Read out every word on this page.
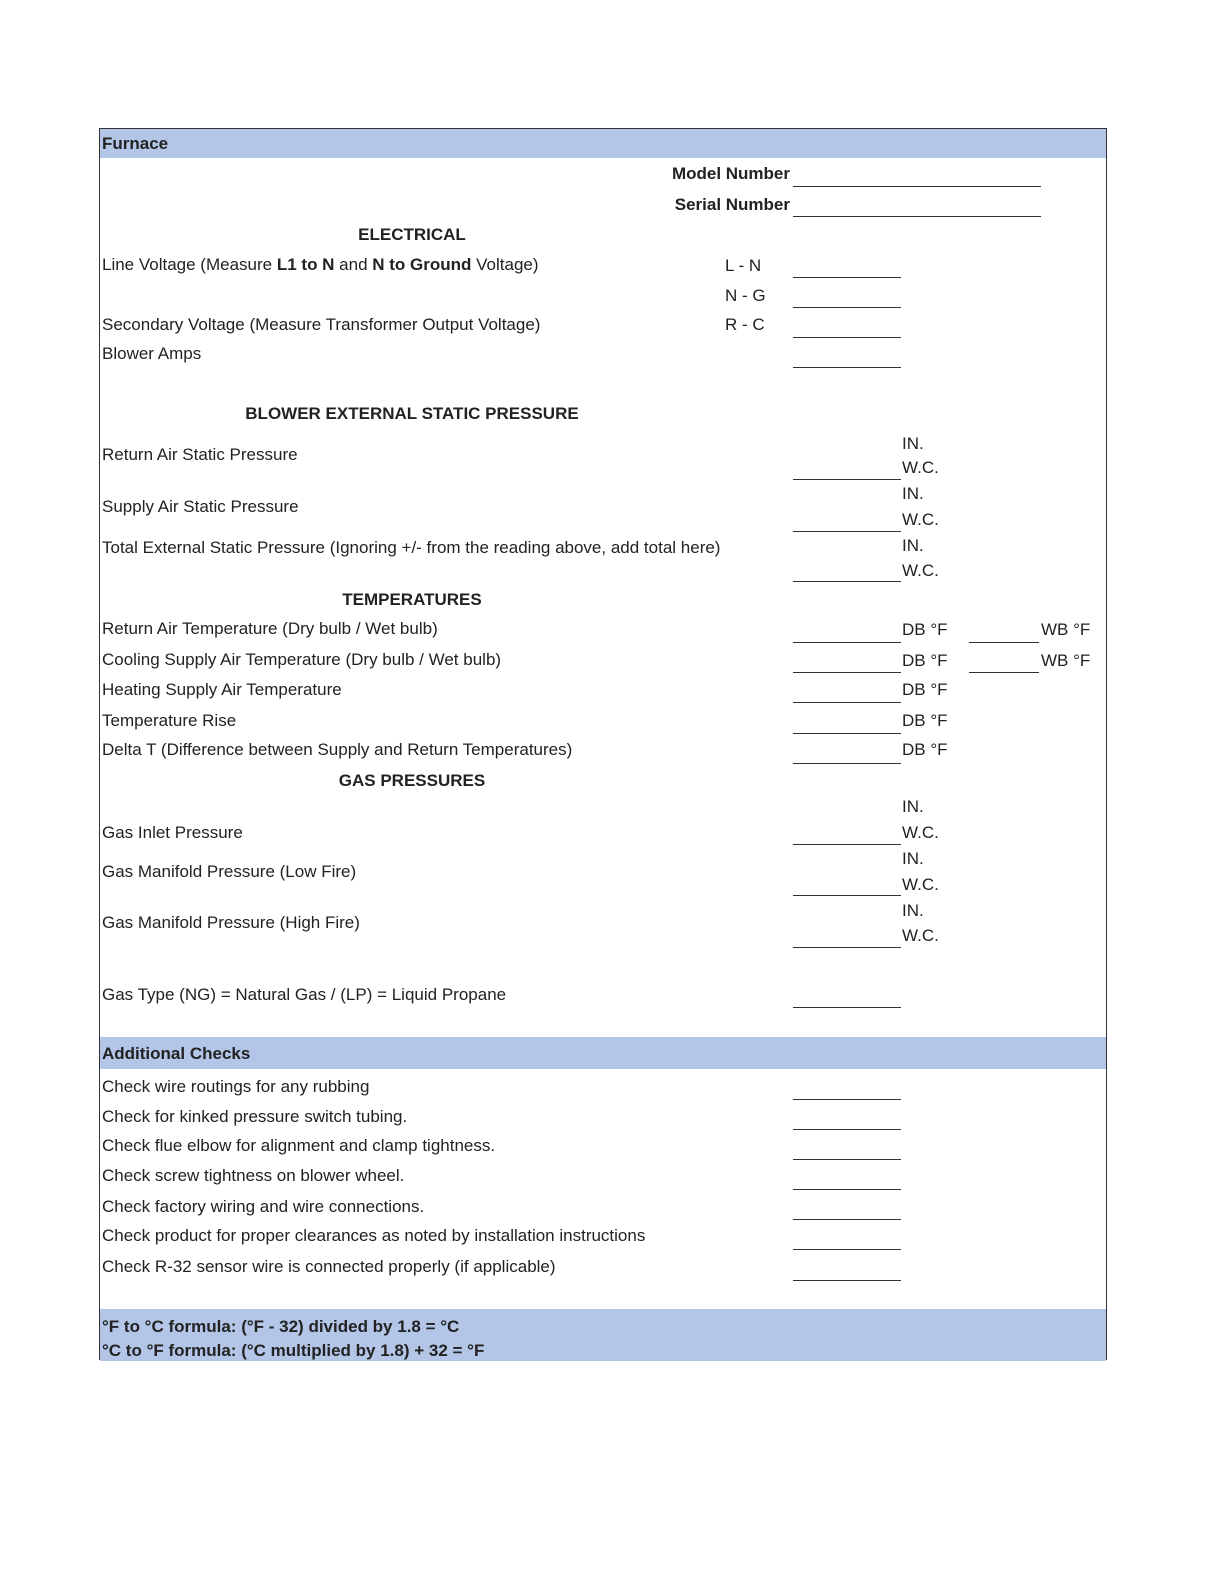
Furnace
Model Number
Serial Number
ELECTRICAL
Line Voltage (Measure L1 to N and N to Ground Voltage)	L - N
N - G
Secondary Voltage (Measure Transformer Output Voltage)	R - C
Blower Amps
BLOWER EXTERNAL STATIC PRESSURE
Return Air Static Pressure
IN.
W.C.
Supply Air Static Pressure
IN.
W.C.
Total External Static Pressure (Ignoring +/- from the reading above, add total here)	IN.
W.C.
TEMPERATURES
Return Air Temperature (Dry bulb / Wet bulb)	DB °F	WB °F
Cooling Supply Air Temperature (Dry bulb / Wet bulb)	DB °F	WB °F
Heating Supply Air Temperature	DB °F
Temperature Rise	DB °F
Delta T (Difference between Supply and Return Temperatures)	DB °F
GAS PRESSURES
Gas Inlet Pressure
IN.
W.C.
Gas Manifold Pressure (Low Fire)
IN.
W.C.
Gas Manifold Pressure (High Fire)
IN.
W.C.
Gas Type (NG) = Natural Gas / (LP) = Liquid Propane
Additional Checks
Check wire routings for any rubbing
Check for kinked pressure switch tubing.
Check flue elbow for alignment and clamp tightness.
Check screw tightness on blower wheel.
Check factory wiring and wire connections.
Check product for proper clearances as noted by installation instructions
Check R-32 sensor wire is connected properly (if applicable)
°F to °C formula: (°F - 32) divided by 1.8 = °C
°C to °F formula: (°C multiplied by 1.8) + 32 = °F
